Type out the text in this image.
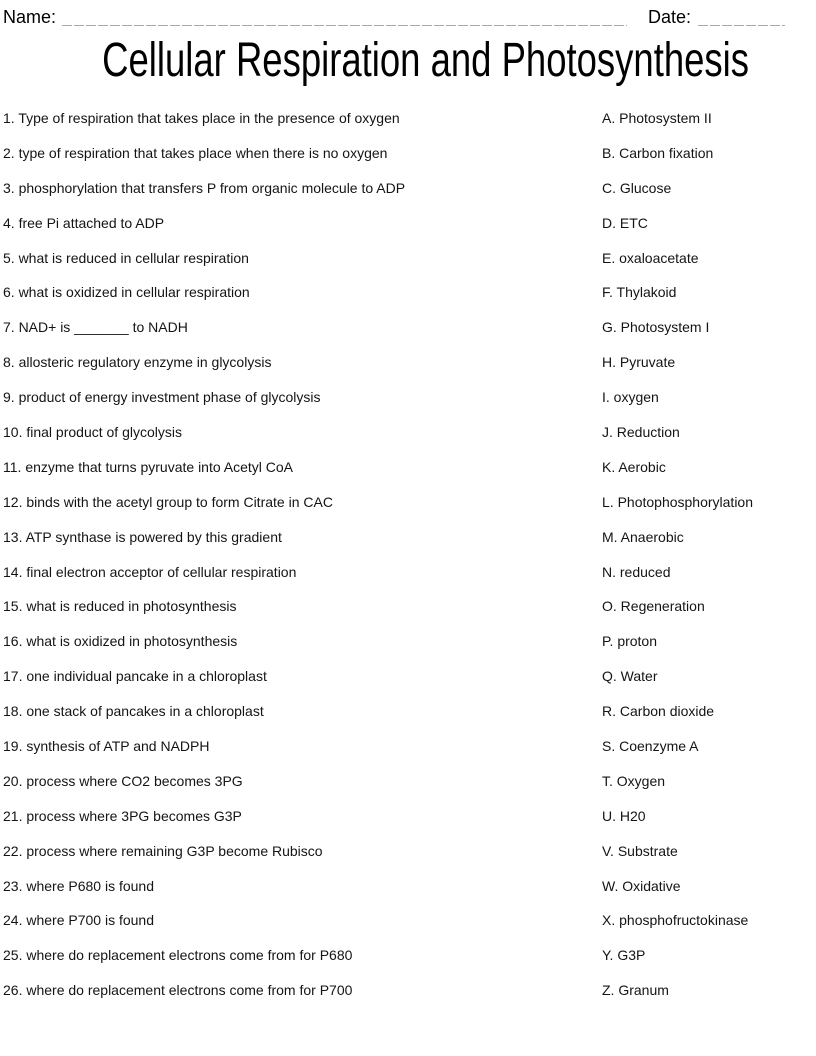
Name:	Date:
Cellular Respiration and Photosynthesis
1. Type of respiration that takes place in the presence of oxygen	A. Photosystem II
2. type of respiration that takes place when there is no oxygen	B. Carbon fixation
3. phosphorylation that transfers P from organic molecule to ADP	C. Glucose
4. free Pi attached to ADP	D. ETC
5. what is reduced in cellular respiration	E. oxaloacetate
6. what is oxidized in cellular respiration	F. Thylakoid
7. NAD+ is _______ to NADH	G. Photosystem I
8. allosteric regulatory enzyme in glycolysis	H. Pyruvate
9. product of energy investment phase of glycolysis	I. oxygen
10. final product of glycolysis	J. Reduction
11. enzyme that turns pyruvate into Acetyl CoA	K. Aerobic
12. binds with the acetyl group to form Citrate in CAC	L. Photophosphorylation
13. ATP synthase is powered by this gradient	M. Anaerobic
14. final electron acceptor of cellular respiration	N. reduced
15. what is reduced in photosynthesis	O. Regeneration
16. what is oxidized in photosynthesis	P. proton
17. one individual pancake in a chloroplast	Q. Water
18. one stack of pancakes in a chloroplast	R. Carbon dioxide
19. synthesis of ATP and NADPH	S. Coenzyme A
20. process where CO2 becomes 3PG	T. Oxygen
21. process where 3PG becomes G3P	U. H20
22. process where remaining G3P become Rubisco	V. Substrate
23. where P680 is found	W. Oxidative
24. where P700 is found	X. phosphofructokinase
25. where do replacement electrons come from for P680	Y. G3P
26. where do replacement electrons come from for P700	Z. Granum
